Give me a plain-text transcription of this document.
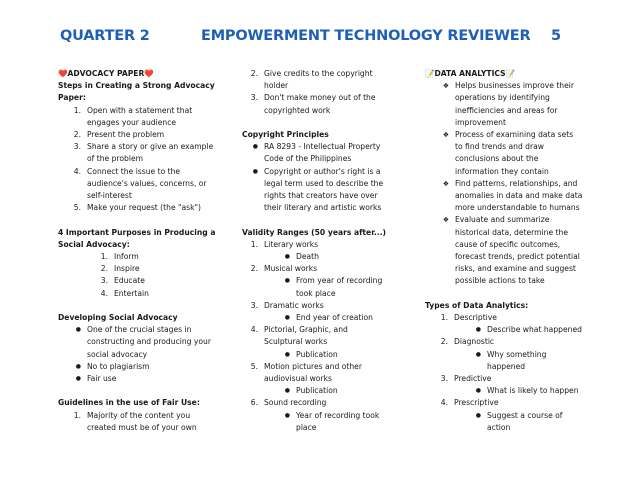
QUARTER 2	EMPOWERMENT TECHNOLOGY REVIEWER 5
❤️ADVOCACY PAPER❤️
Steps in Creating a Strong Advocacy
Paper:
1. Open with a statement that
engages your audience
2. Present the problem
3. Share a story or give an example
of the problem
4. Connect the issue to the
audience's values, concerns, or
self-interest
5. Make your request (the "ask")
4 Important Purposes in Producing a
Social Advocacy:
1. Inform
2. Inspire
3. Educate
4. Entertain
Developing Social Advocacy
● One of the crucial stages in
constructing and producing your
social advocacy
● No to plagiarism
● Fair use
Guidelines in the use of Fair Use:
1. Majority of the content you
created must be of your own
2. Give credits to the copyright
holder
3. Don't make money out of the
copyrighted work
Copyright Principles
● RA 8293 - Intellectual Property
Code of the Philippines
● Copyright or author's right is a
legal term used to describe the
rights that creators have over
their literary and artistic works
Validity Ranges (50 years after...)
1. Literary works
● Death
2. Musical works
● From year of recording
took place
3. Dramatic works
● End year of creation
4. Pictorial, Graphic, and
Sculptural works
● Publication
5. Motion pictures and other
audiovisual works
● Publication
6. Sound recording
● Year of recording took
place
📝DATA ANALYTICS📝
❖ Helps businesses improve their
operations by identifying
inefficiencies and areas for
improvement
❖ Process of examining data sets
to find trends and draw
conclusions about the
information they contain
❖ Find patterns, relationships, and
anomalies in data and make data
more understandable to humans
❖ Evaluate and summarize
historical data, determine the
cause of specific outcomes,
forecast trends, predict potential
risks, and examine and suggest
possible actions to take
Types of Data Analytics:
1. Descriptive
● Describe what happened
2. Diagnostic
● Why something happened
3. Predictive
● What is likely to happen
4. Prescriptive
● Suggest a course of
action
